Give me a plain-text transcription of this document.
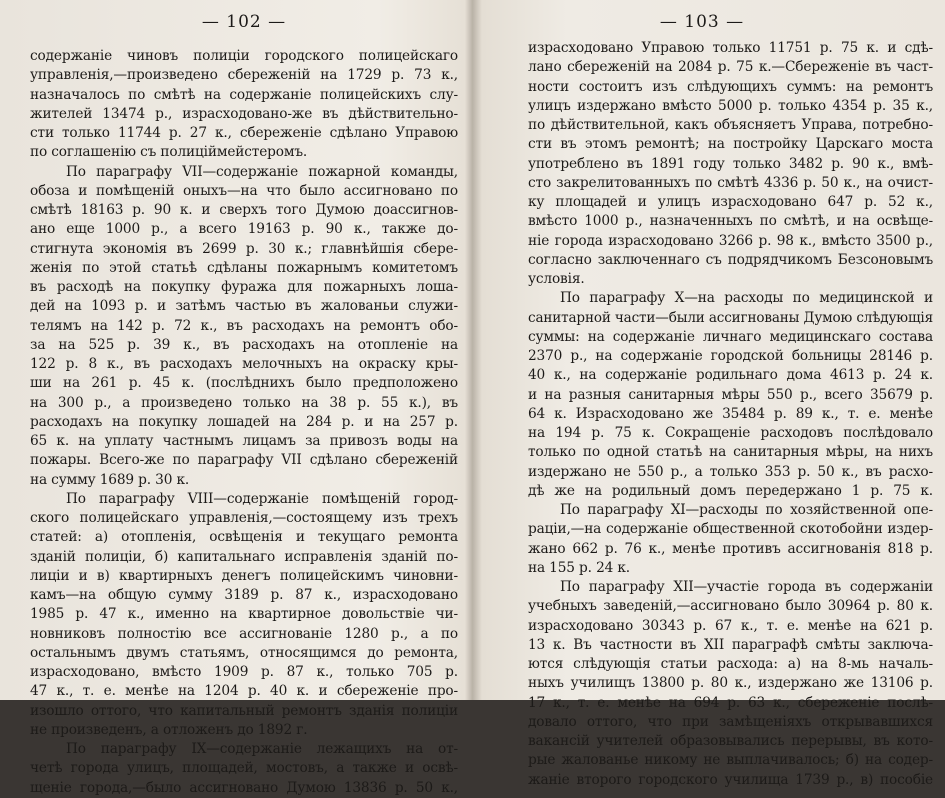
— 102 —
содержаніе чиновъ полиціи городского полицейскаго
управленія,—произведено сбереженій на 1729 р. 73 к.,
назначалось по смѣтѣ на содержаніе полицейскихъ слу-
жителей 13474 р., израсходовано-же въ дѣйствительно-
сти только 11744 р. 27 к., сбереженіе сдѣлано Управою
по соглашенію съ полиціймейстеромъ.
По параграфу VII—содержаніе пожарной команды,
обоза и помѣщеній оныхъ—на что было ассигновано по
смѣтѣ 18163 р. 90 к. и сверхъ того Думою доассигнов-
ано еще 1000 р., а всего 19163 р. 90 к., также до-
стигнута экономія въ 2699 р. 30 к.; главнѣйшія сбере-
женія по этой статьѣ сдѣланы пожарнымъ комитетомъ
въ расходѣ на покупку фуража для пожарныхъ лоша-
дей на 1093 р. и затѣмъ частью въ жалованьи служи-
телямъ на 142 р. 72 к., въ расходахъ на ремонтъ обо-
за на 525 р. 39 к., въ расходахъ на отопленіе на
122 р. 8 к., въ расходахъ мелочныхъ на окраску кры-
ши на 261 р. 45 к. (послѣднихъ было предположено
на 300 р., а произведено только на 38 р. 55 к.), въ
расходахъ на покупку лошадей на 284 р. и на 257 р.
65 к. на уплату частнымъ лицамъ за привозъ воды на
пожары. Всего-же по параграфу VII сдѣлано сбереженій
на сумму 1689 р. 30 к.
По параграфу VIII—содержаніе помѣщеній город-
ского полицейскаго управленія,—состоящему изъ трехъ
статей: а) отопленія, освѣщенія и текущаго ремонта
зданій полиціи, б) капитальнаго исправленія зданій по-
лиціи и в) квартирныхъ денегъ полицейскимъ чиновни-
камъ—на общую сумму 3189 р. 87 к., израсходовано
1985 р. 47 к., именно на квартирное довольствіе чи-
новниковъ полностію все ассигнованіе 1280 р., а по
остальнымъ двумъ статьямъ, относящимся до ремонта,
израсходовано, вмѣсто 1909 р. 87 к., только 705 р.
47 к., т. е. менѣе на 1204 р. 40 к. и сбереженіе про-
изошло оттого, что капитальный ремонтъ зданія полиціи
не произведенъ, а отложенъ до 1892 г.
По параграфу IX—содержаніе лежащихъ на от-
четѣ города улицъ, площадей, мостовъ, а также и освѣ-
щеніе города,—было ассигновано Думою 13836 р. 50 к.,
— 103 —
израсходовано Управою только 11751 р. 75 к. и сдѣ-
лано сбереженій на 2084 р. 75 к.—Сбереженіе въ част-
ности состоитъ изъ слѣдующихъ суммъ: на ремонтъ
улицъ издержано вмѣсто 5000 р. только 4354 р. 35 к.,
по дѣйствительной, какъ объясняетъ Управа, потребно-
сти въ этомъ ремонтѣ; на постройку Царскаго моста
употреблено въ 1891 году только 3482 р. 90 к., вмѣ-
сто закрелитованныхъ по смѣтѣ 4336 р. 50 к., на очист-
ку площадей и улицъ израсходовано 647 р. 52 к.,
вмѣсто 1000 р., назначенныхъ по смѣтѣ, и на освѣще-
ніе города израсходовано 3266 р. 98 к., вмѣсто 3500 р.,
согласно заключеннаго съ подрядчикомъ Безсоновымъ
условія.
По параграфу X—на расходы по медицинской и
санитарной части—были ассигнованы Думою слѣдующія
суммы: на содержаніе личнаго медицинскаго состава
2370 р., на содержаніе городской больницы 28146 р.
40 к., на содержаніе родильнаго дома 4613 р. 24 к.
и на разныя санитарныя мѣры 550 р., всего 35679 р.
64 к. Израсходовано же 35484 р. 89 к., т. е. менѣе
на 194 р. 75 к. Сокращеніе расходовъ послѣдовало
только по одной статьѣ на санитарныя мѣры, на нихъ
издержано не 550 р., а только 353 р. 50 к., въ расхо-
дѣ же на родильный домъ передержано 1 р. 75 к.
По параграфу XI—расходы по хозяйственной опе-
раціи,—на содержаніе общественной скотобойни издер-
жано 662 р. 76 к., менѣе противъ ассигнованія 818 р.
на 155 р. 24 к.
По параграфу XII—участіе города въ содержаніи
учебныхъ заведеній,—ассигновано было 30964 р. 80 к.
израсходовано 30343 р. 67 к., т. е. менѣе на 621 р.
13 к. Въ частности въ XII параграфѣ смѣты заключа-
ются слѣдующія статьи расхода: а) на 8-мь началь-
ныхъ училищъ 13800 р. 80 к., издержано же 13106 р.
17 к., т. е. менѣе на 694 р. 63 к., сбереженіе послѣ-
довало оттого, что при замѣщеніяхъ открывавшихся
вакансій учителей образовывались перерывы, въ кото-
рые жалованье никому не выплачивалось; б) на содер-
жаніе второго городского училища 1739 р., в) пособіе
